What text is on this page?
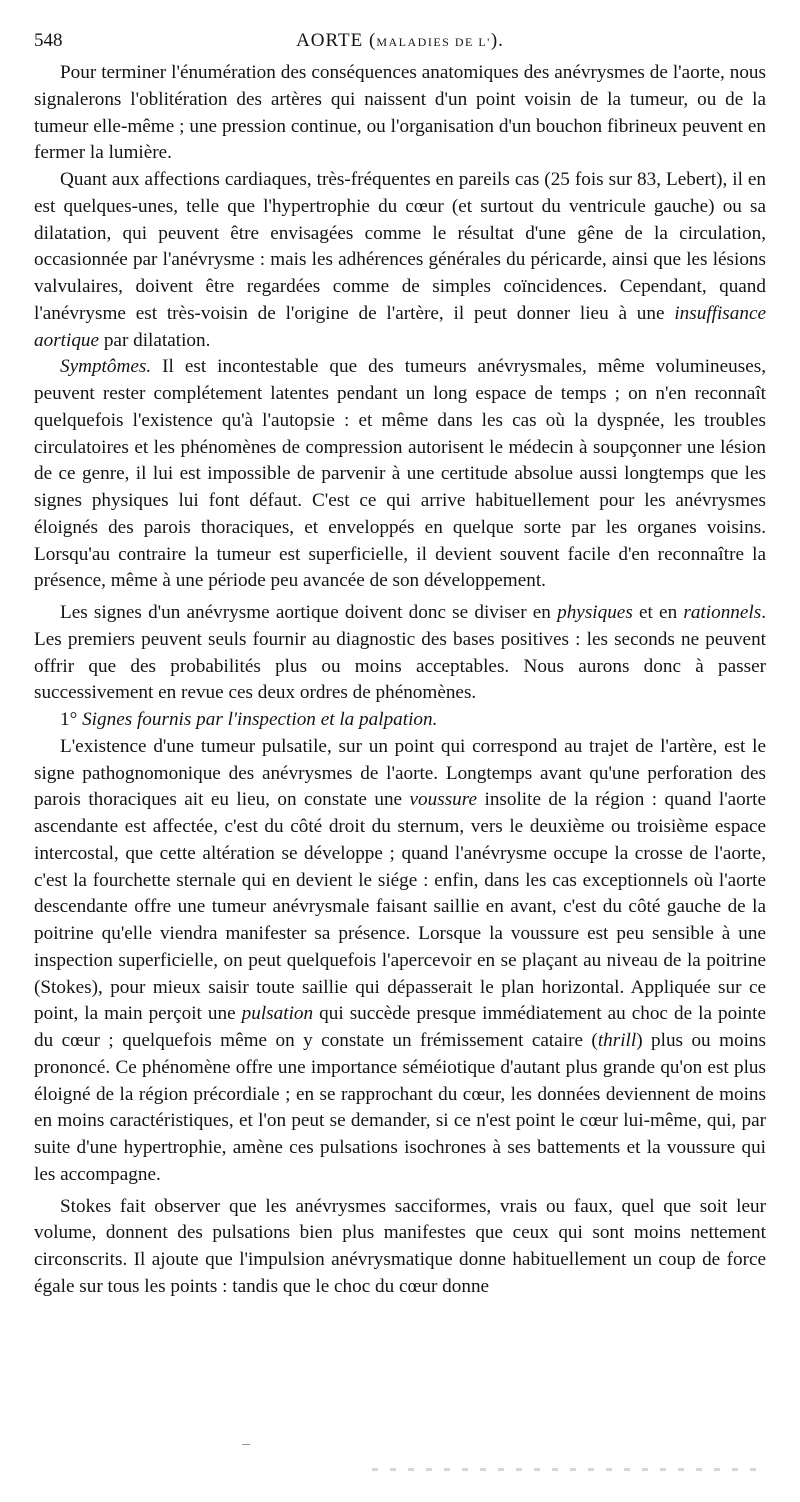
548	AORTE (MALADIES DE L').

Pour terminer l'énumération des conséquences anatomiques des anévrysmes de l'aorte, nous signalerons l'oblitération des artères qui naissent d'un point voisin de la tumeur, ou de la tumeur elle-même ; une pression continue, ou l'organisation d'un bouchon fibrineux peuvent en fermer la lumière.

Quant aux affections cardiaques, très-fréquentes en pareils cas (25 fois sur 83, Lebert), il en est quelques-unes, telle que l'hypertrophie du cœur (et surtout du ventricule gauche) ou sa dilatation, qui peuvent être envisagées comme le résultat d'une gêne de la circulation, occasionnée par l'anévrysme : mais les adhérences générales du péricarde, ainsi que les lésions valvulaires, doivent être regardées comme de simples coïncidences. Cependant, quand l'anévrysme est très-voisin de l'origine de l'artère, il peut donner lieu à une insuffisance aortique par dilatation.

Symptômes. Il est incontestable que des tumeurs anévrysmales, même volumineuses, peuvent rester complétement latentes pendant un long espace de temps ; on n'en reconnaît quelquefois l'existence qu'à l'autopsie : et même dans les cas où la dyspnée, les troubles circulatoires et les phénomènes de compression autorisent le médecin à soupçonner une lésion de ce genre, il lui est impossible de parvenir à une certitude absolue aussi longtemps que les signes physiques lui font défaut. C'est ce qui arrive habituellement pour les anévrysmes éloignés des parois thoraciques, et enveloppés en quelque sorte par les organes voisins. Lorsqu'au contraire la tumeur est superficielle, il devient souvent facile d'en reconnaître la présence, même à une période peu avancée de son développement.

Les signes d'un anévrysme aortique doivent donc se diviser en physiques et en rationnels. Les premiers peuvent seuls fournir au diagnostic des bases positives : les seconds ne peuvent offrir que des probabilités plus ou moins acceptables. Nous aurons donc à passer successivement en revue ces deux ordres de phénomènes.

1° Signes fournis par l'inspection et la palpation.

L'existence d'une tumeur pulsatile, sur un point qui correspond au trajet de l'artère, est le signe pathognomonique des anévrysmes de l'aorte. Longtemps avant qu'une perforation des parois thoraciques ait eu lieu, on constate une voussure insolite de la région : quand l'aorte ascendante est affectée, c'est du côté droit du sternum, vers le deuxième ou troisième espace intercostal, que cette altération se développe ; quand l'anévrysme occupe la crosse de l'aorte, c'est la fourchette sternale qui en devient le siége : enfin, dans les cas exceptionnels où l'aorte descendante offre une tumeur anévrysmale faisant saillie en avant, c'est du côté gauche de la poitrine qu'elle viendra manifester sa présence. Lorsque la voussure est peu sensible à une inspection superficielle, on peut quelquefois l'apercevoir en se plaçant au niveau de la poitrine (Stokes), pour mieux saisir toute saillie qui dépasserait le plan horizontal. Appliquée sur ce point, la main perçoit une pulsation qui succède presque immédiatement au choc de la pointe du cœur ; quelquefois même on y constate un frémissement cataire (thrill) plus ou moins prononcé. Ce phénomène offre une importance séméiotique d'autant plus grande qu'on est plus éloigné de la région précordiale ; en se rapprochant du cœur, les données deviennent de moins en moins caractéristiques, et l'on peut se demander, si ce n'est point le cœur lui-même, qui, par suite d'une hypertrophie, amène ces pulsations isochrones à ses battements et la voussure qui les accompagne.

Stokes fait observer que les anévrysmes sacciformes, vrais ou faux, quel que soit leur volume, donnent des pulsations bien plus manifestes que ceux qui sont moins nettement circonscrits. Il ajoute que l'impulsion anévrysmatique donne habituellement un coup de force égale sur tous les points : tandis que le choc du cœur donne
